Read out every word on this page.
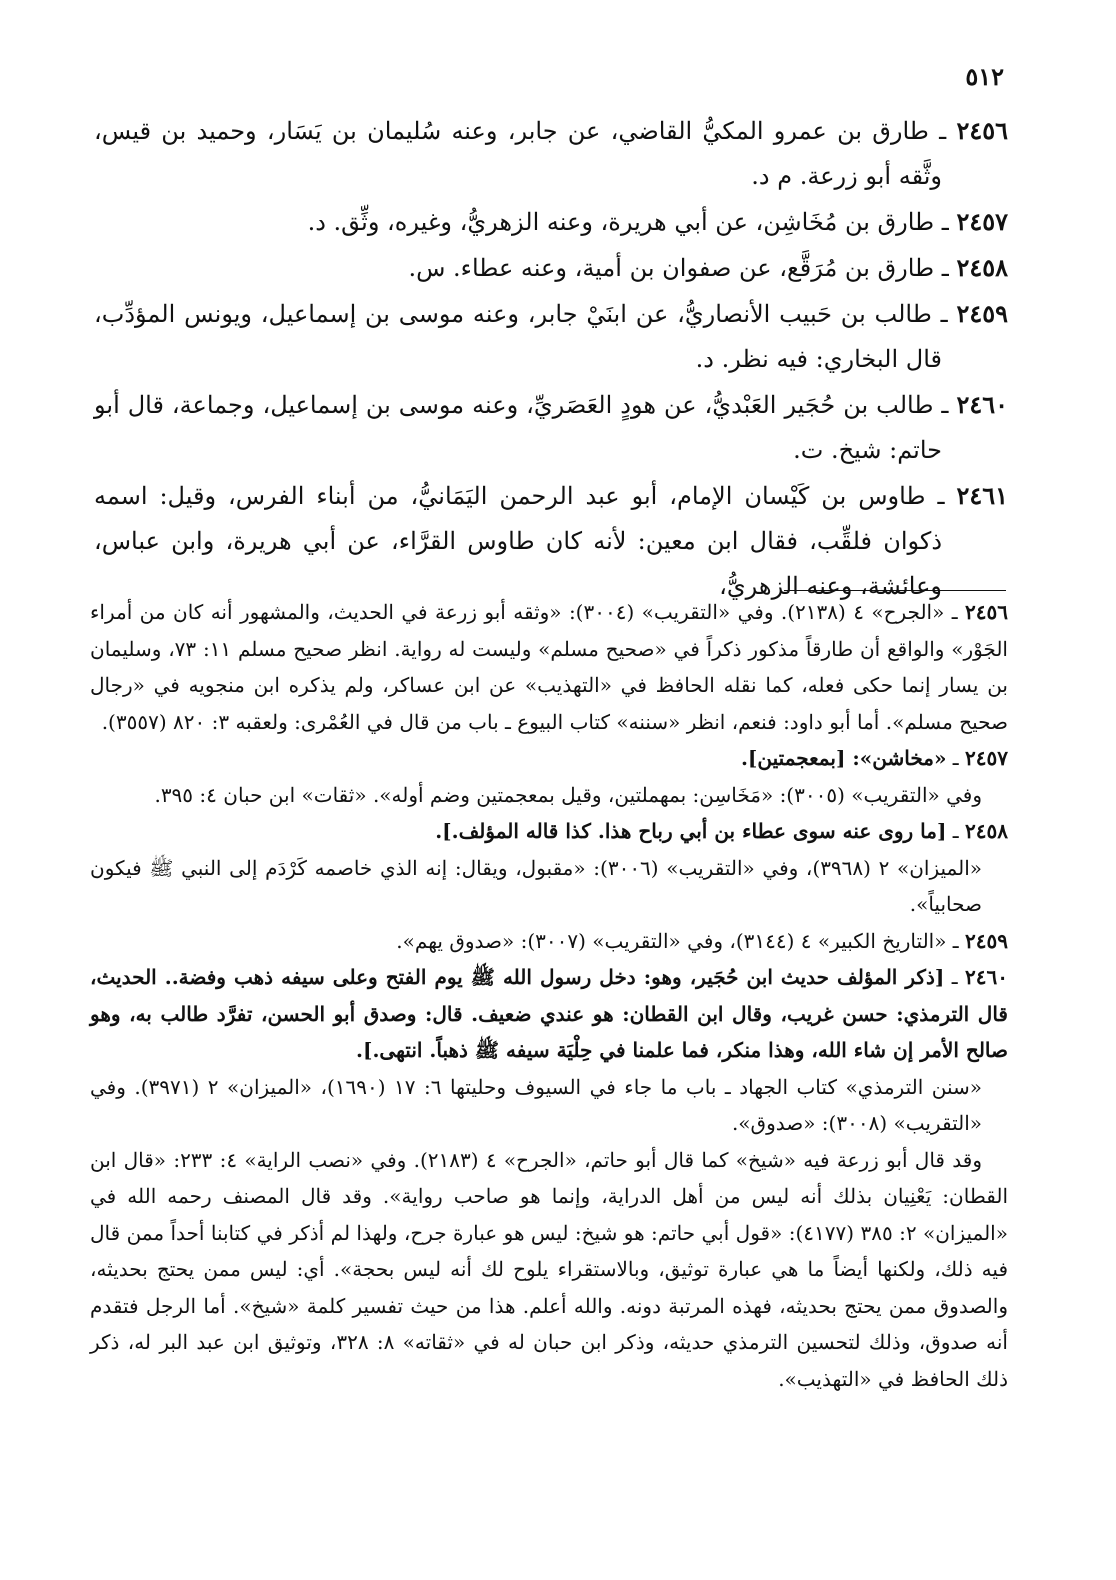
٥١٢
٢٤٥٦ ـ طارق بن عمرو المكيُّ القاضي، عن جابر، وعنه سُليمان بن يَسَار، وحميد بن قيس، وثَّقه أبو زرعة. م د.
٢٤٥٧ ـ طارق بن مُخَاشِن، عن أبي هريرة، وعنه الزهريُّ، وغيره، وثِّق. د.
٢٤٥٨ ـ طارق بن مُرَقَّع، عن صفوان بن أمية، وعنه عطاء. س.
٢٤٥٩ ـ طالب بن حَبيب الأنصاريُّ، عن ابنَيْ جابر، وعنه موسى بن إسماعيل، ويونس المؤدِّب، قال البخاري: فيه نظر. د.
٢٤٦٠ ـ طالب بن حُجَير العَبْديُّ، عن هودٍ العَصَريِّ، وعنه موسى بن إسماعيل، وجماعة، قال أبو حاتم: شيخ. ت.
٢٤٦١ ـ طاوس بن كَيْسان الإمام، أبو عبد الرحمن اليَمَانيُّ، من أبناء الفرس، وقيل: اسمه ذكوان فلقِّب، فقال ابن معين: لأنه كان طاوس القرَّاء، عن أبي هريرة، وابن عباس، وعائشة، وعنه الزهريُّ،
٢٤٥٦ ـ «الجرح» ٤ (٢١٣٨). وفي «التقريب» (٣٠٠٤): «وثقه أبو زرعة في الحديث، والمشهور أنه كان من أمراء الجَوْر» والواقع أن طارقاً مذكور ذكراً في «صحيح مسلم» وليست له رواية. انظر صحيح مسلم ١١: ٧٣، وسليمان بن يسار إنما حكى فعله، كما نقله الحافظ في «التهذيب» عن ابن عساكر، ولم يذكره ابن منجويه في «رجال صحيح مسلم». أما أبو داود: فنعم، انظر «سننه» كتاب البيوع ـ باب من قال في العُمْرى: ولعقبه ٣: ٨٢٠ (٣٥٥٧).
٢٤٥٧ ـ «مخاشن»: [بمعجمتين].
وفي «التقريب» (٣٠٠٥): «مَخَاسِن: بمهملتين، وقيل بمعجمتين وضم أوله». «ثقات» ابن حبان ٤: ٣٩٥.
٢٤٥٨ ـ [ما روى عنه سوى عطاء بن أبي رباح هذا. كذا قاله المؤلف.].
«الميزان» ٢ (٣٩٦٨)، وفي «التقريب» (٣٠٠٦): «مقبول، ويقال: إنه الذي خاصمه كَرْدَم إلى النبي ﷺ فيكون صحابياً».
٢٤٥٩ ـ «التاريخ الكبير» ٤ (٣١٤٤)، وفي «التقريب» (٣٠٠٧): «صدوق يهم».
٢٤٦٠ ـ [ذكر المؤلف حديث ابن حُجَير، وهو: دخل رسول الله ﷺ يوم الفتح وعلى سيفه ذهب وفضة.. الحديث، قال الترمذي: حسن غريب، وقال ابن القطان: هو عندي ضعيف. قال: وصدق أبو الحسن، تفرَّد طالب به، وهو صالح الأمر إن شاء الله، وهذا منكر، فما علمنا في حِلْيَة سيفه ﷺ ذهباً. انتهى.].
«سنن الترمذي» كتاب الجهاد ـ باب ما جاء في السيوف وحليتها ٦: ١٧ (١٦٩٠)، «الميزان» ٢ (٣٩٧١). وفي «التقريب» (٣٠٠٨): «صدوق».
وقد قال أبو زرعة فيه «شيخ» كما قال أبو حاتم، «الجرح» ٤ (٢١٨٣). وفي «نصب الراية» ٤: ٢٣٣: «قال ابن القطان: يَعْنِيان بذلك أنه ليس من أهل الدراية، وإنما هو صاحب رواية». وقد قال المصنف رحمه الله في «الميزان» ٢: ٣٨٥ (٤١٧٧): «قول أبي حاتم: هو شيخ: ليس هو عبارة جرح، ولهذا لم أذكر في كتابنا أحداً ممن قال فيه ذلك، ولكنها أيضاً ما هي عبارة توثيق، وبالاستقراء يلوح لك أنه ليس بحجة». أي: ليس ممن يحتج بحديثه، والصدوق ممن يحتج بحديثه، فهذه المرتبة دونه. والله أعلم. هذا من حيث تفسير كلمة «شيخ». أما الرجل فتقدم أنه صدوق، وذلك لتحسين الترمذي حديثه، وذكر ابن حبان له في «ثقاته» ٨: ٣٢٨، وتوثيق ابن عبد البر له، ذكر ذلك الحافظ في «التهذيب».
